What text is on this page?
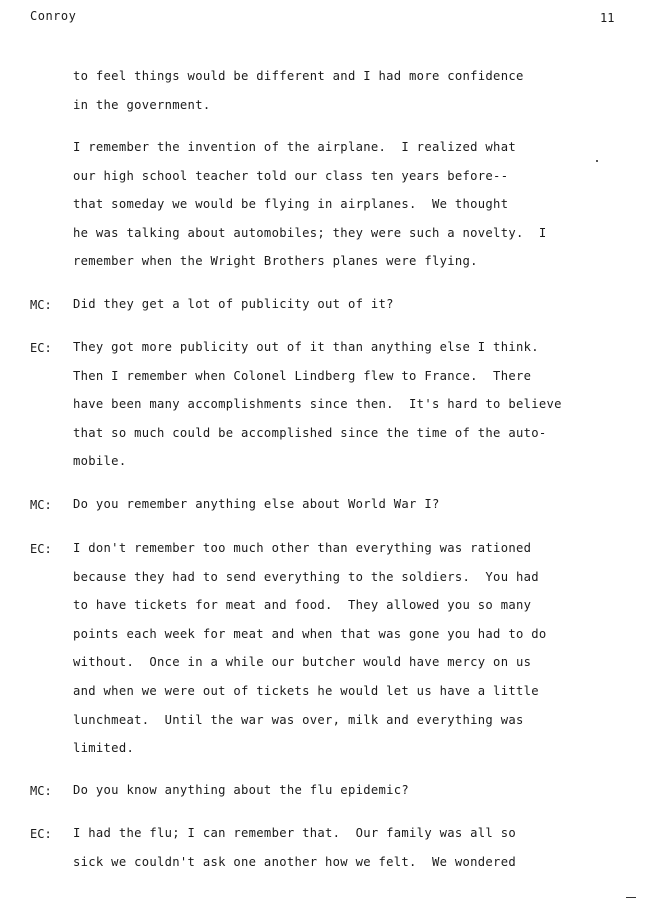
Conroy	11
to feel things would be different and I had more confidence
in the government.
I remember the invention of the airplane.  I realized what
our high school teacher told our class ten years before--
that someday we would be flying in airplanes.  We thought
he was talking about automobiles; they were such a novelty.  I
remember when the Wright Brothers planes were flying.
MC: Did they get a lot of publicity out of it?
EC: They got more publicity out of it than anything else I think.
Then I remember when Colonel Lindberg flew to France.  There
have been many accomplishments since then.  It's hard to believe
that so much could be accomplished since the time of the auto-
mobile.
MC: Do you remember anything else about World War I?
EC: I don't remember too much other than everything was rationed
because they had to send everything to the soldiers.  You had
to have tickets for meat and food.  They allowed you so many
points each week for meat and when that was gone you had to do
without.  Once in a while our butcher would have mercy on us
and when we were out of tickets he would let us have a little
lunchmeat.  Until the war was over, milk and everything was
limited.
MC: Do you know anything about the flu epidemic?
EC: I had the flu; I can remember that.  Our family was all so
sick we couldn't ask one another how we felt.  We wondered
